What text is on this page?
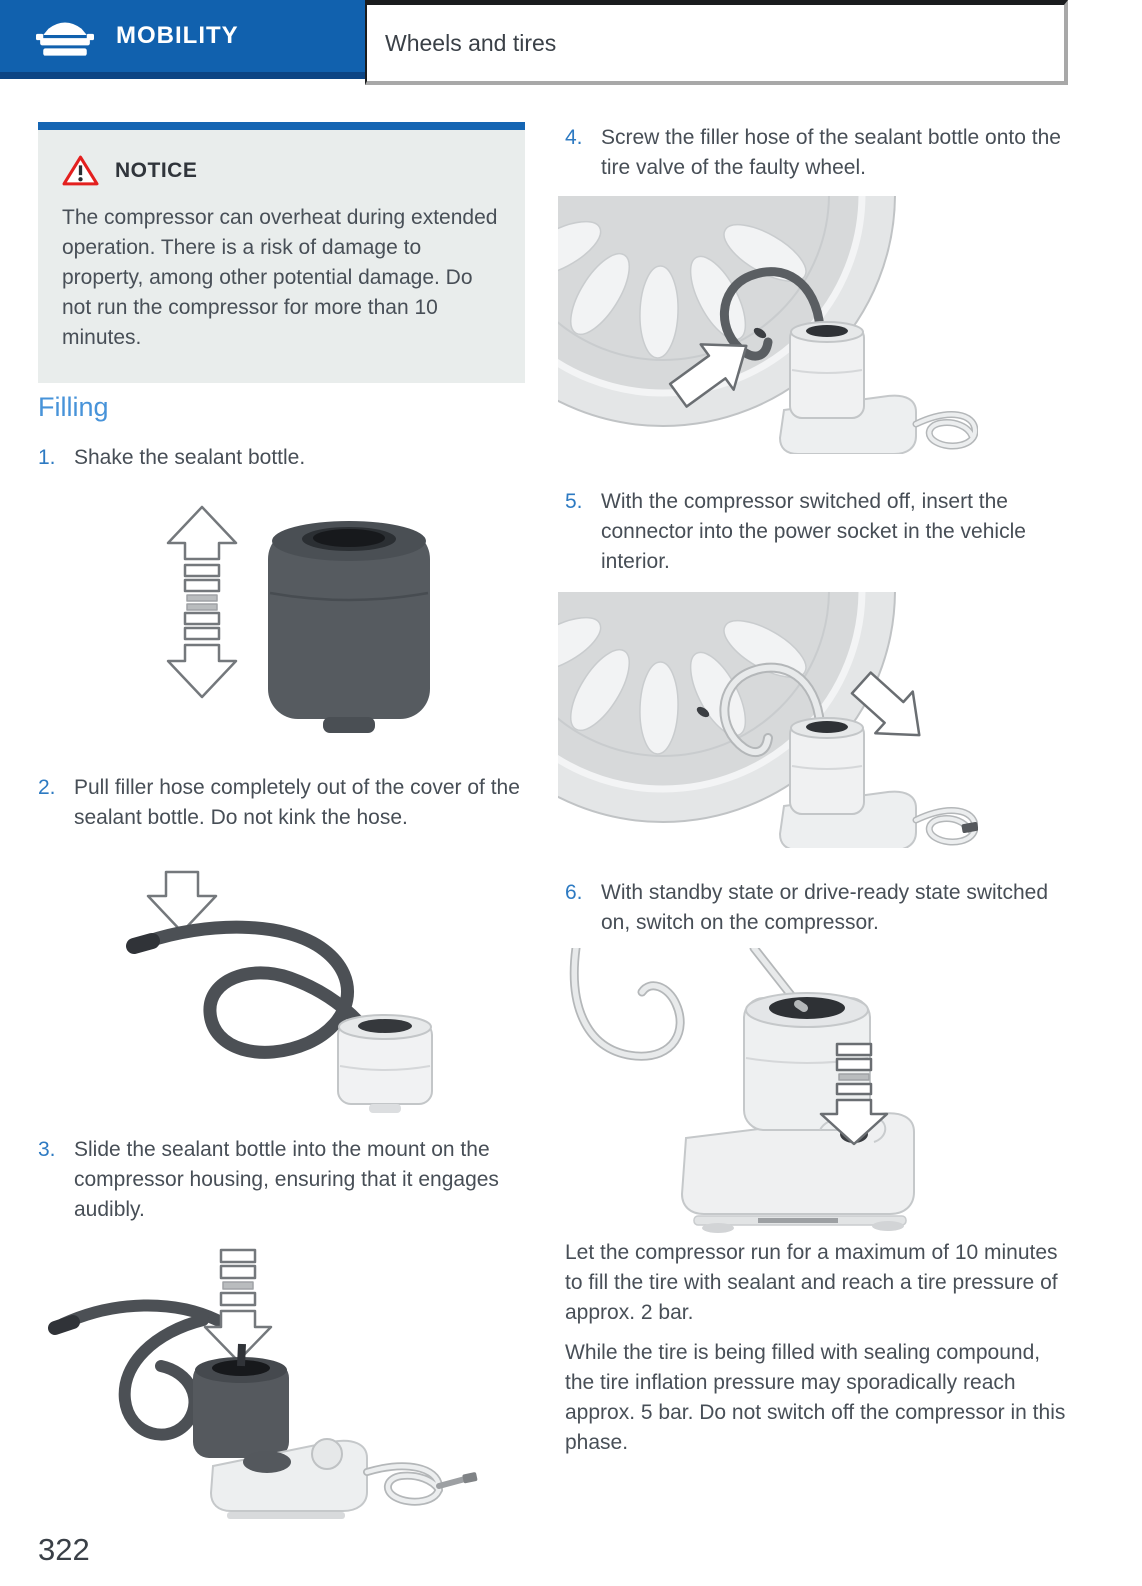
MOBILITY	Wheels and tires
NOTICE
The compressor can overheat during extended operation. There is a risk of damage to property, among other potential damage. Do not run the compressor for more than 10 minutes.
Filling
1. Shake the sealant bottle.
2. Pull filler hose completely out of the cover of the sealant bottle. Do not kink the hose.
3. Slide the sealant bottle into the mount on the compressor housing, ensuring that it engages audibly.
322
4. Screw the filler hose of the sealant bottle onto the tire valve of the faulty wheel.
5. With the compressor switched off, insert the connector into the power socket in the vehicle interior.
6. With standby state or drive-ready state switched on, switch on the compressor.
Let the compressor run for a maximum of 10 minutes to fill the tire with sealant and reach a tire pressure of approx. 2 bar.
While the tire is being filled with sealing compound, the tire inflation pressure may sporadically reach approx. 5 bar. Do not switch off the compressor in this phase.
